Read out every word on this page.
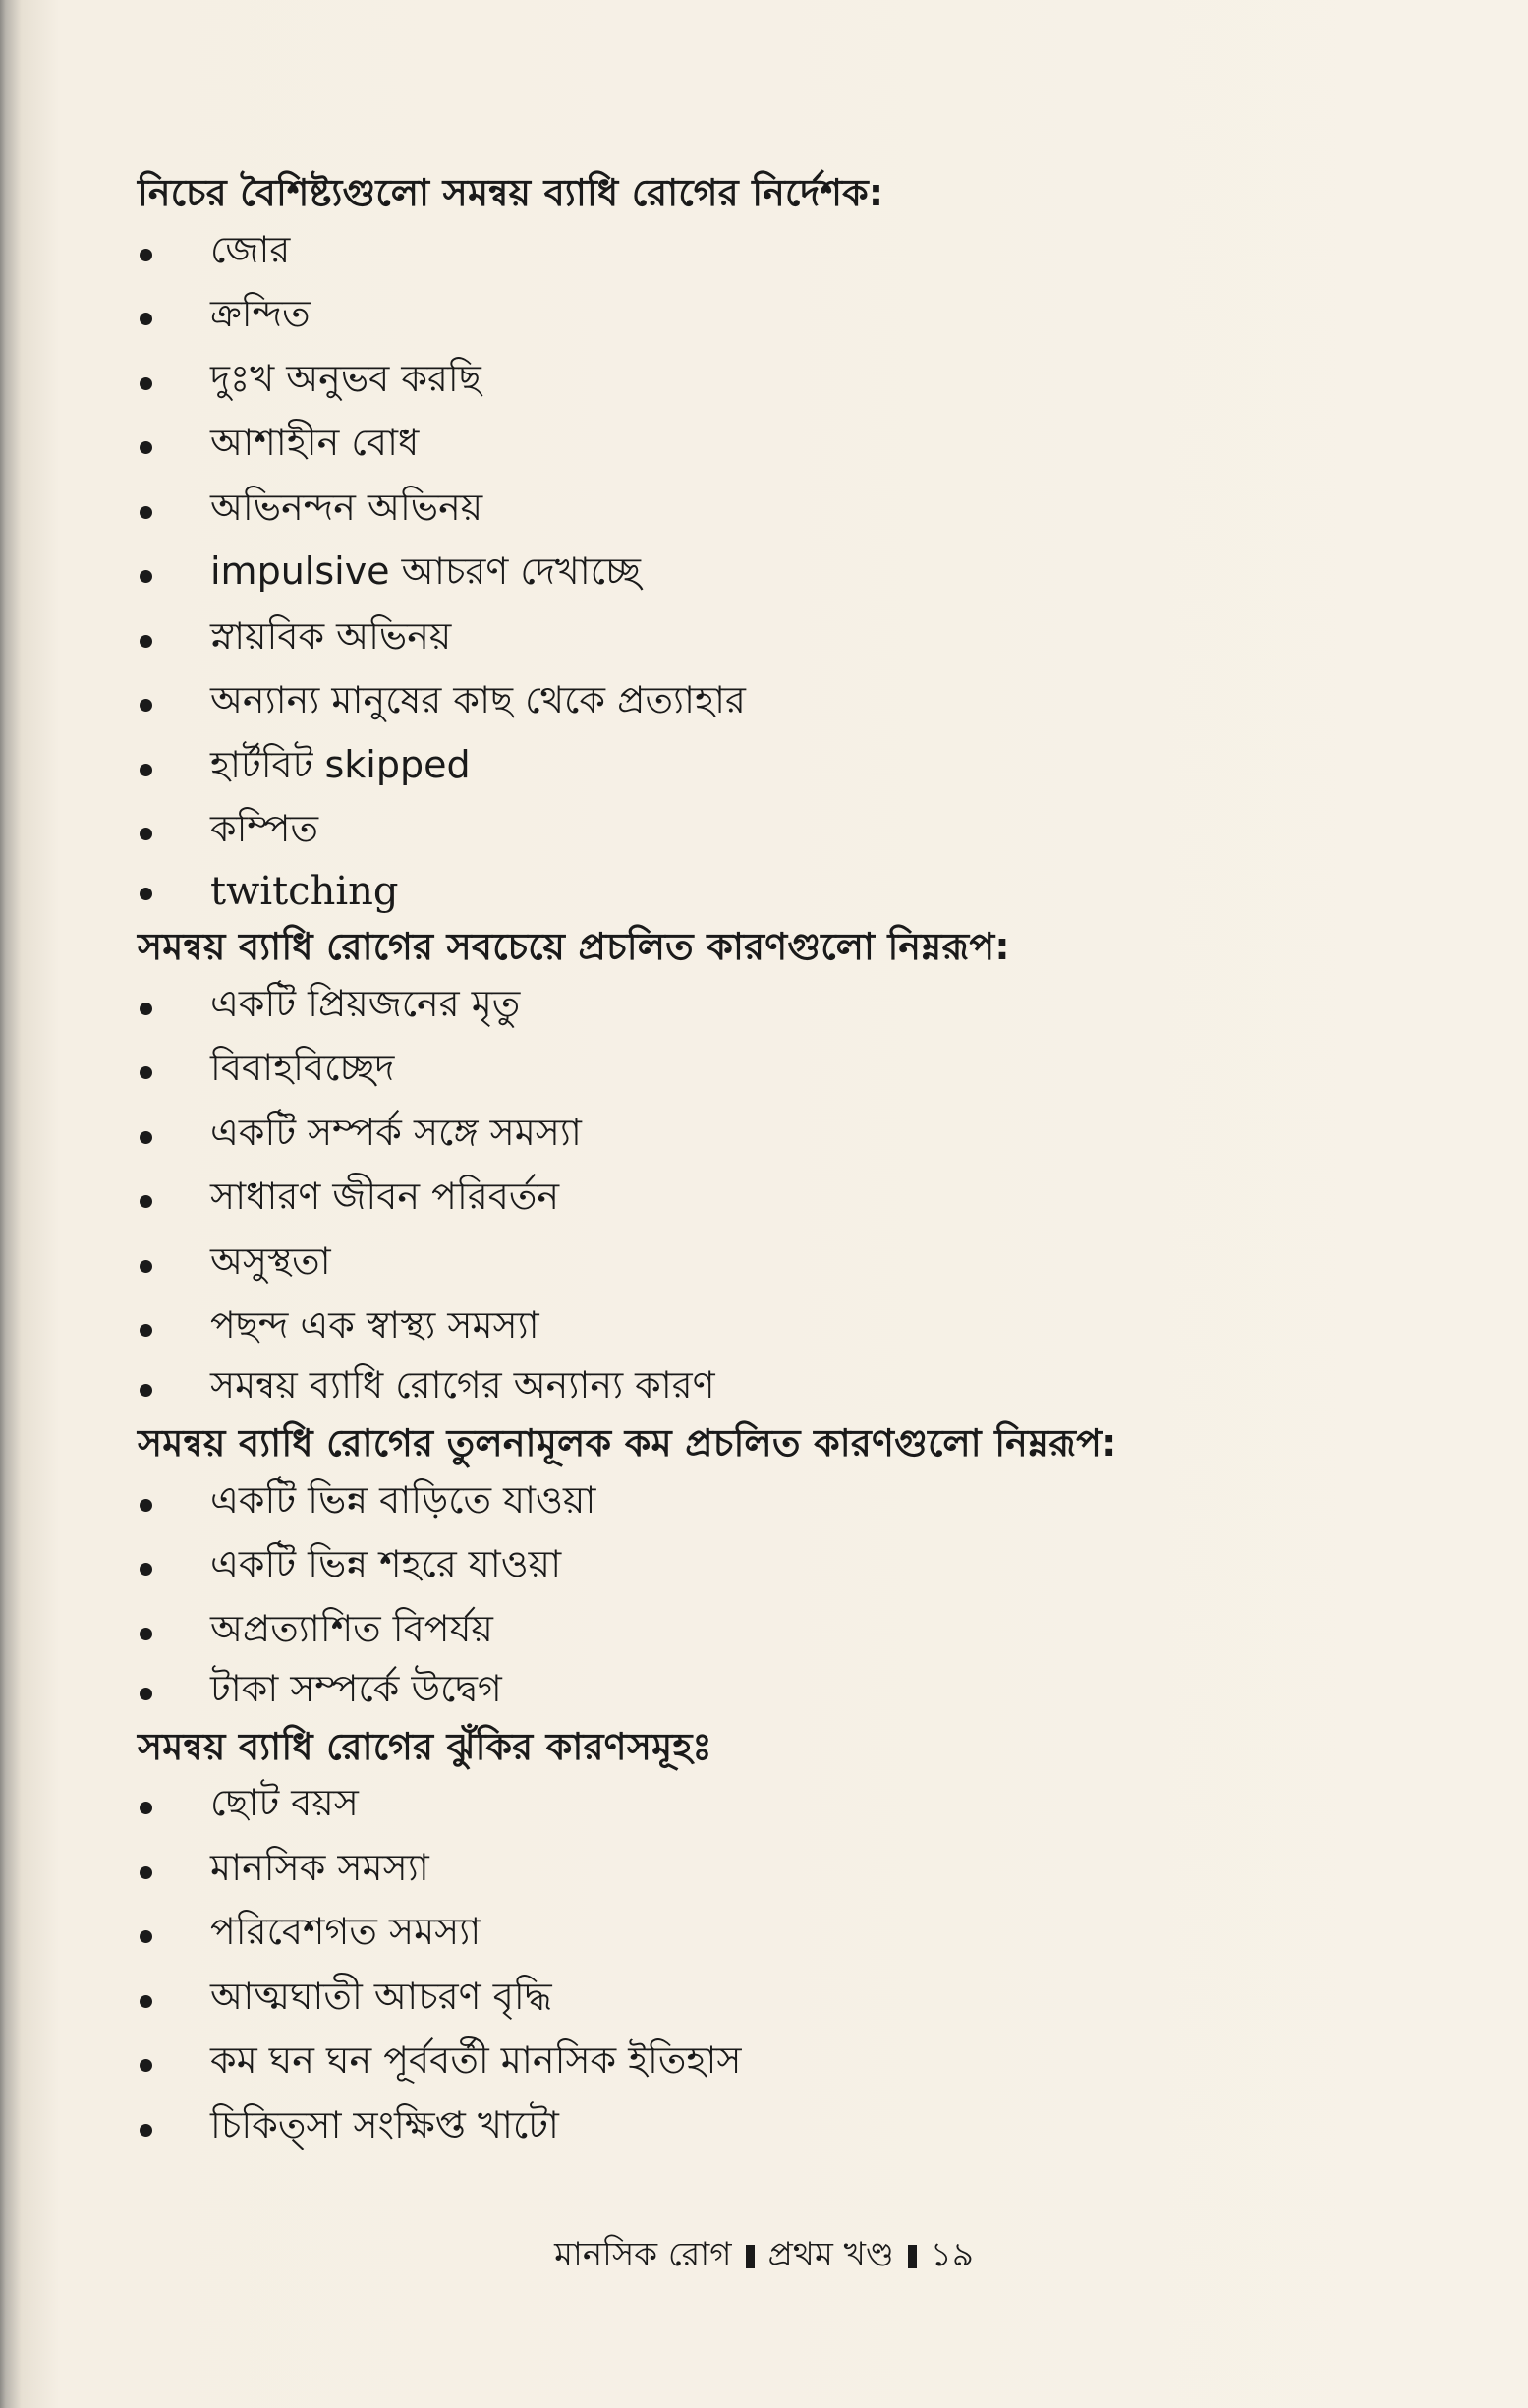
নিচের বৈশিষ্ট্যগুলো সমন্বয় ব্যাধি রোগের নির্দেশক:
জোর
ক্রন্দিত
দুঃখ অনুভব করছি
আশাহীন বোধ
অভিনন্দন অভিনয়
impulsive আচরণ দেখাচ্ছে
স্নায়বিক অভিনয়
অন্যান্য মানুষের কাছ থেকে প্রত্যাহার
হার্টবিট skipped
কম্পিত
twitching
সমন্বয় ব্যাধি রোগের সবচেয়ে প্রচলিত কারণগুলো নিম্নরূপ:
একটি প্রিয়জনের মৃতু
বিবাহবিচ্ছেদ
একটি সম্পর্ক সঙ্গে সমস্যা
সাধারণ জীবন পরিবর্তন
অসুস্থতা
পছন্দ এক স্বাস্থ্য সমস্যা
সমন্বয় ব্যাধি রোগের অন্যান্য কারণ
সমন্বয় ব্যাধি রোগের তুলনামূলক কম প্রচলিত কারণগুলো নিম্নরূপ:
একটি ভিন্ন বাড়িতে যাওয়া
একটি ভিন্ন শহরে যাওয়া
অপ্রত্যাশিত বিপর্যয়
টাকা সম্পর্কে উদ্বেগ
সমন্বয় ব্যাধি রোগের ঝুঁকির কারণসমূহঃ
ছোট বয়স
মানসিক সমস্যা
পরিবেশগত সমস্যা
আত্মঘাতী আচরণ বৃদ্ধি
কম ঘন ঘন পূর্ববর্তী মানসিক ইতিহাস
চিকিত্সা সংক্ষিপ্ত খাটো
মানসিক রোগ প্রথম খণ্ড ১৯
